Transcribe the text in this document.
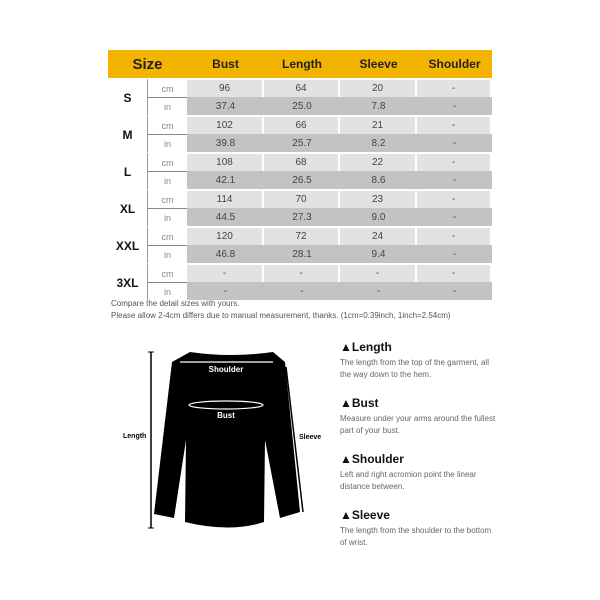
Size		Bust	Length	Sleeve	Shoulder
S	cm	96	64	20	-
	in	37.4	25.0	7.8	-
M	cm	102	66	21	-
	in	39.8	25.7	8.2	-
L	cm	108	68	22	-
	in	42.1	26.5	8.6	-
XL	cm	114	70	23	-
	in	44.5	27.3	9.0	-
XXL	cm	120	72	24	-
	in	46.8	28.1	9.4	-
3XL	cm	-	-	-	-
	in	-	-	-	-
Compare the detail sizes with yours.
Please allow 2-4cm differs due to manual measurement, thanks. (1cm=0.39inch, 1inch=2.54cm)
Shoulder
Bust
Length	Sleeve
▲Length

The length from the top of the garment, all the way down to the hem.

▲Bust

Measure under your arms around the fullest part of your bust.

▲Shoulder

Left and right acromion point the linear distance between.

▲Sleeve

The length from the shoulder to the bottom of wrist.
